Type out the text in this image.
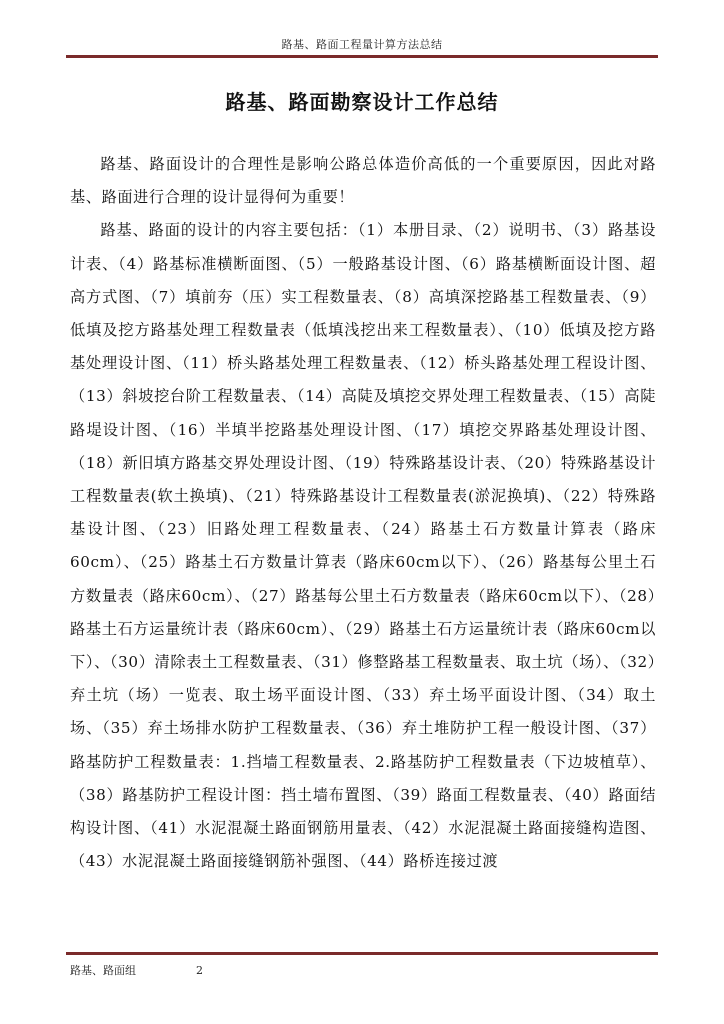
路基、路面工程量计算方法总结
路基、路面勘察设计工作总结

路基、路面设计的合理性是影响公路总体造价高低的一个重要原因，因此对路基、路面进行合理的设计显得何为重要！

路基、路面的设计的内容主要包括：（1）本册目录、（2）说明书、（3）路基设计表、（4）路基标准横断面图、（5）一般路基设计图、（6）路基横断面设计图、超高方式图、（7）填前夯（压）实工程数量表、（8）高填深挖路基工程数量表、（9）低填及挖方路基处理工程数量表（低填浅挖出来工程数量表）、（10）低填及挖方路基处理设计图、（11）桥头路基处理工程数量表、（12）桥头路基处理工程设计图、（13）斜坡挖台阶工程数量表、（14）高陡及填挖交界处理工程数量表、（15）高陡路堤设计图、（16）半填半挖路基处理设计图、（17）填挖交界路基处理设计图、（18）新旧填方路基交界处理设计图、（19）特殊路基设计表、（20）特殊路基设计工程数量表(软土换填)、（21）特殊路基设计工程数量表(淤泥换填)、（22）特殊路基设计图、（23）旧路处理工程数量表、（24）路基土石方数量计算表（路床60cm）、（25）路基土石方数量计算表（路床60cm以下）、（26）路基每公里土石方数量表（路床60cm）、（27）路基每公里土石方数量表（路床60cm以下）、（28）路基土石方运量统计表（路床60cm）、（29）路基土石方运量统计表（路床60cm以下）、（30）清除表土工程数量表、（31）修整路基工程数量表、取土坑（场）、（32）弃土坑（场）一览表、取土场平面设计图、（33）弃土场平面设计图、（34）取土场、（35）弃土场排水防护工程数量表、（36）弃土堆防护工程一般设计图、（37）路基防护工程数量表：1.挡墙工程数量表、2.路基防护工程数量表（下边坡植草）、（38）路基防护工程设计图：挡土墙布置图、（39）路面工程数量表、（40）路面结构设计图、（41）水泥混凝土路面钢筋用量表、（42）水泥混凝土路面接缝构造图、（43）水泥混凝土路面接缝钢筋补强图、（44）路桥连接过渡

路基、路面组	2
